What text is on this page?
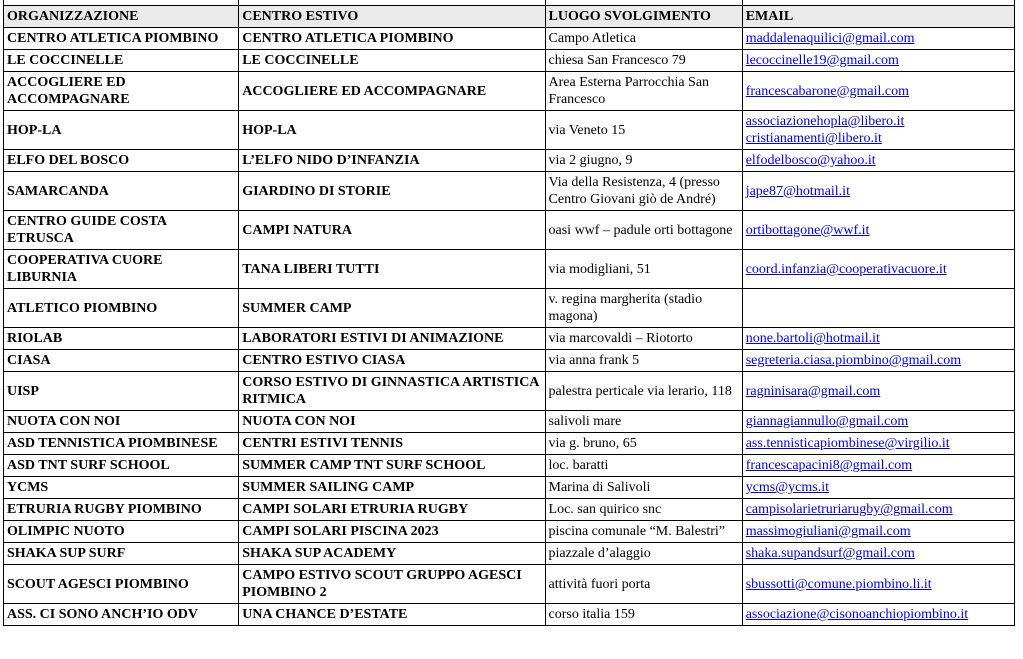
ORGANIZZAZIONE	CENTRO ESTIVO	LUOGO SVOLGIMENTO	EMAIL
CENTRO ATLETICA PIOMBINO	CENTRO ATLETICA PIOMBINO	Campo Atletica	maddalenaquilici@gmail.com

LE COCCINELLE	LE COCCINELLE	chiesa San Francesco 79	lecoccinelle19@gmail.com

ACCOGLIERE ED ACCOMPAGNARE	ACCOGLIERE ED ACCOMPAGNARE	Area Esterna Parrocchia San Francesco	francescabarone@gmail.com

HOP-LA	HOP-LA	via Veneto 15	associazionehopla@libero.it
cristianamenti@libero.it

ELFO DEL BOSCO	L’ELFO NIDO D’INFANZIA	via 2 giugno, 9	elfodelbosco@yahoo.it

SAMARCANDA	GIARDINO DI STORIE	Via della Resistenza, 4 (presso Centro Giovani giò de André)	jape87@hotmail.it

CENTRO GUIDE COSTA ETRUSCA	CAMPI NATURA	oasi wwf – padule orti bottagone	ortibottagone@wwf.it

COOPERATIVA CUORE LIBURNIA	TANA LIBERI TUTTI	via modigliani, 51	coord.infanzia@cooperativacuore.it

ATLETICO PIOMBINO	SUMMER CAMP	v. regina margherita (stadio magona)	
RIOLAB	LABORATORI ESTIVI DI ANIMAZIONE	via marcovaldi – Riotorto	none.bartoli@hotmail.it

CIASA	CENTRO ESTIVO CIASA	via anna frank 5	segreteria.ciasa.piombino@gmail.com

UISP	CORSO ESTIVO DI GINNASTICA ARTISTICA RITMICA	palestra perticale via lerario, 118	ragninisara@gmail.com

NUOTA CON NOI	NUOTA CON NOI	salivoli mare	giannagiannullo@gmail.com

ASD TENNISTICA PIOMBINESE	CENTRI ESTIVI TENNIS	via g. bruno, 65	ass.tennisticapiombinese@virgilio.it

ASD TNT SURF SCHOOL	SUMMER CAMP TNT SURF SCHOOL	loc. baratti	francescapacini8@gmail.com

YCMS	SUMMER SAILING CAMP	Marina di Salivoli	ycms@ycms.it

ETRURIA RUGBY PIOMBINO	CAMPI SOLARI ETRURIA RUGBY	Loc. san quirico snc	campisolarietruriarugby@gmail.com

OLIMPIC NUOTO	CAMPI SOLARI PISCINA 2023	piscina comunale “M. Balestri”	massimogiuliani@gmail.com

SHAKA SUP SURF	SHAKA SUP ACADEMY	piazzale d’alaggio	shaka.supandsurf@gmail.com

SCOUT AGESCI PIOMBINO	CAMPO ESTIVO SCOUT GRUPPO AGESCI PIOMBINO 2	attività fuori porta	sbussotti@comune.piombino.li.it

ASS. CI SONO ANCH’IO ODV	UNA CHANCE D’ESTATE	corso italia 159	associazione@cisonoanchiopiombino.it
